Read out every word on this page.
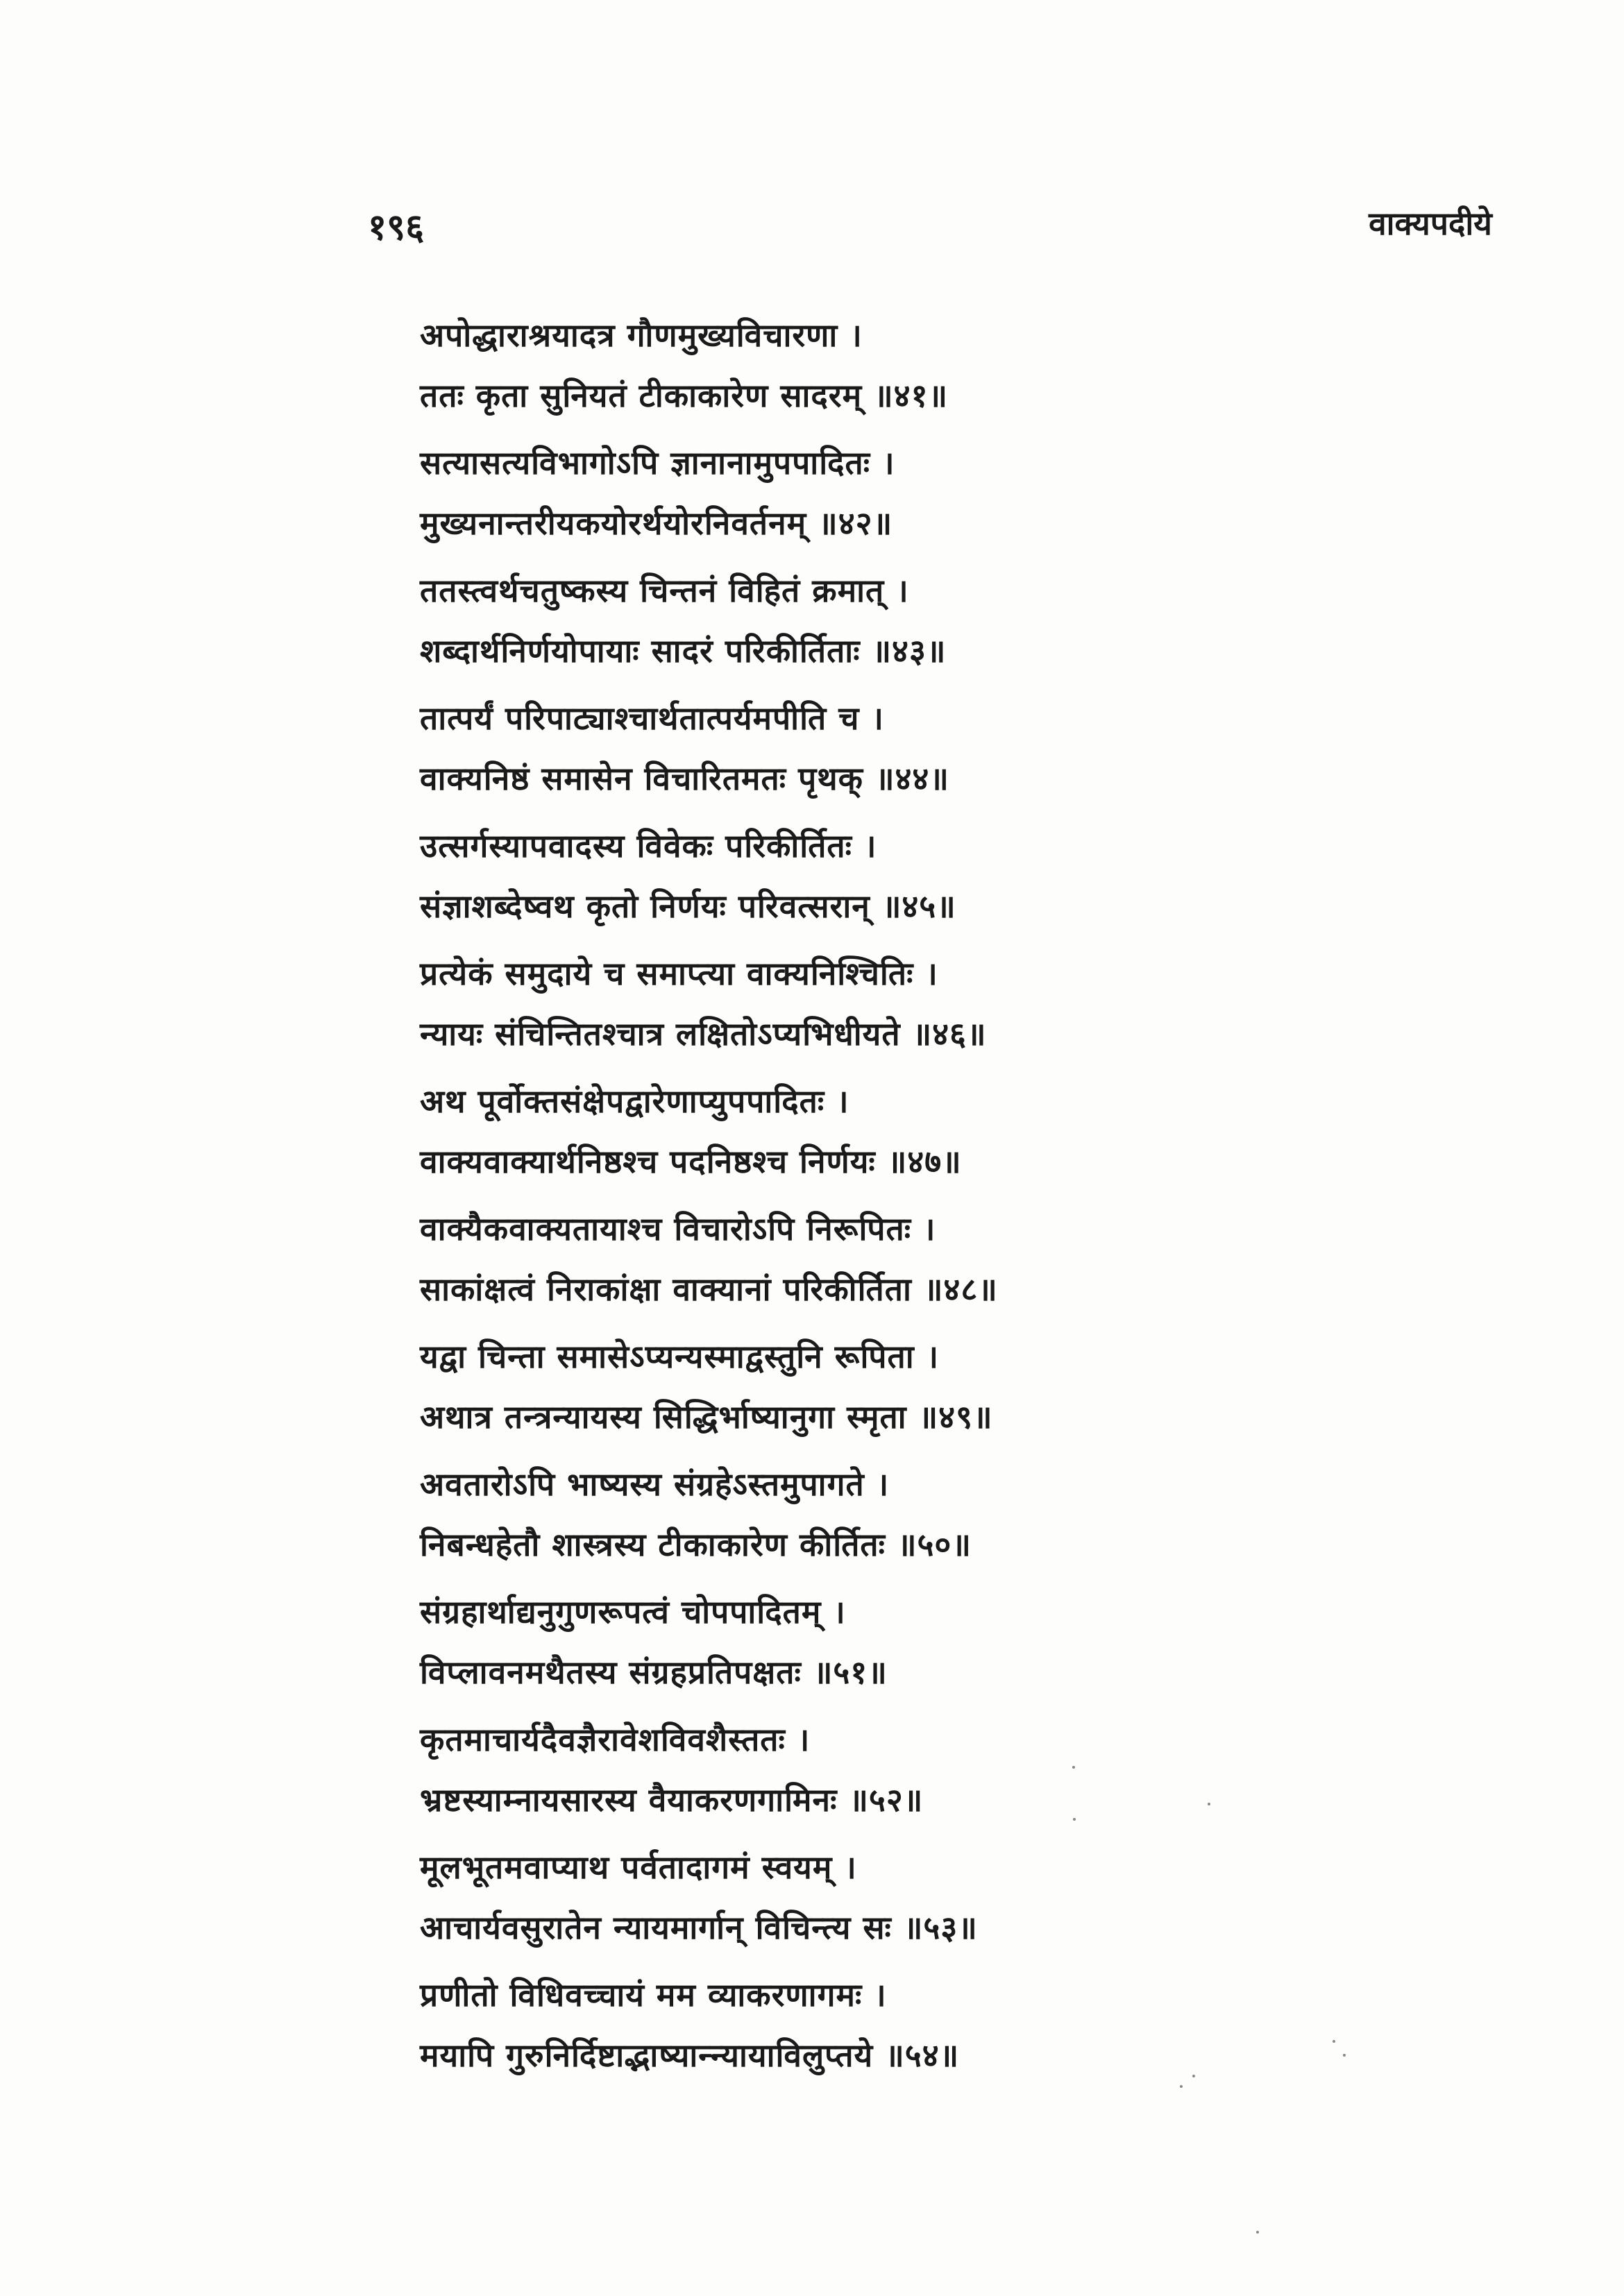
१९६	वाक्यपदीये
अपोद्धाराश्रयादत्र गौणमुख्यविचारणा ।
ततः कृता सुनियतं टीकाकारेण सादरम् ॥४१॥
सत्यासत्यविभागोऽपि ज्ञानानामुपपादितः ।
मुख्यनान्तरीयकयोरर्थयोरनिवर्तनम् ॥४२॥
ततस्त्वर्थचतुष्कस्य चिन्तनं विहितं क्रमात् ।
शब्दार्थनिर्णयोपायाः सादरं परिकीर्तिताः ॥४३॥
तात्पर्यं परिपाट्याश्चार्थतात्पर्यमपीति च ।
वाक्यनिष्ठं समासेन विचारितमतः पृथक् ॥४४॥
उत्सर्गस्यापवादस्य विवेकः परिकीर्तितः ।
संज्ञाशब्देष्वथ कृतो निर्णयः परिवत्सरान् ॥४५॥
प्रत्येकं समुदाये च समाप्त्या वाक्यनिश्चितिः ।
न्यायः संचिन्तितश्चात्र लक्षितोऽप्यभिधीयते ॥४६॥
अथ पूर्वोक्तसंक्षेपद्वारेणाप्युपपादितः ।
वाक्यवाक्यार्थनिष्ठश्च पदनिष्ठश्च निर्णयः ॥४७॥
वाक्यैकवाक्यतायाश्च विचारोऽपि निरूपितः ।
साकांक्षत्वं निराकांक्षा वाक्यानां परिकीर्तिता ॥४८॥
यद्वा चिन्ता समासेऽप्यन्यस्माद्वस्तुनि रूपिता ।
अथात्र तन्त्रन्यायस्य सिद्धिर्भाष्यानुगा स्मृता ॥४९॥
अवतारोऽपि भाष्यस्य संग्रहेऽस्तमुपागते ।
निबन्धहेतौ शास्त्रस्य टीकाकारेण कीर्तितः ॥५०॥
संग्रहार्थाद्यनुगुणरूपत्वं चोपपादितम् ।
विप्लावनमथैतस्य संग्रहप्रतिपक्षतः ॥५१॥
कृतमाचार्यदैवज्ञैरावेशविवशैस्ततः ।
भ्रष्टस्याम्नायसारस्य वैयाकरणगामिनः ॥५२॥
मूलभूतमवाप्याथ पर्वतादागमं स्वयम् ।
आचार्यवसुरातेन न्यायमार्गान् विचिन्त्य सः ॥५३॥
प्रणीतो विधिवच्चायं मम व्याकरणागमः ।
मयापि गुरुनिर्दिष्टाद्भाष्यान्न्यायाविलुप्तये ॥५४॥
